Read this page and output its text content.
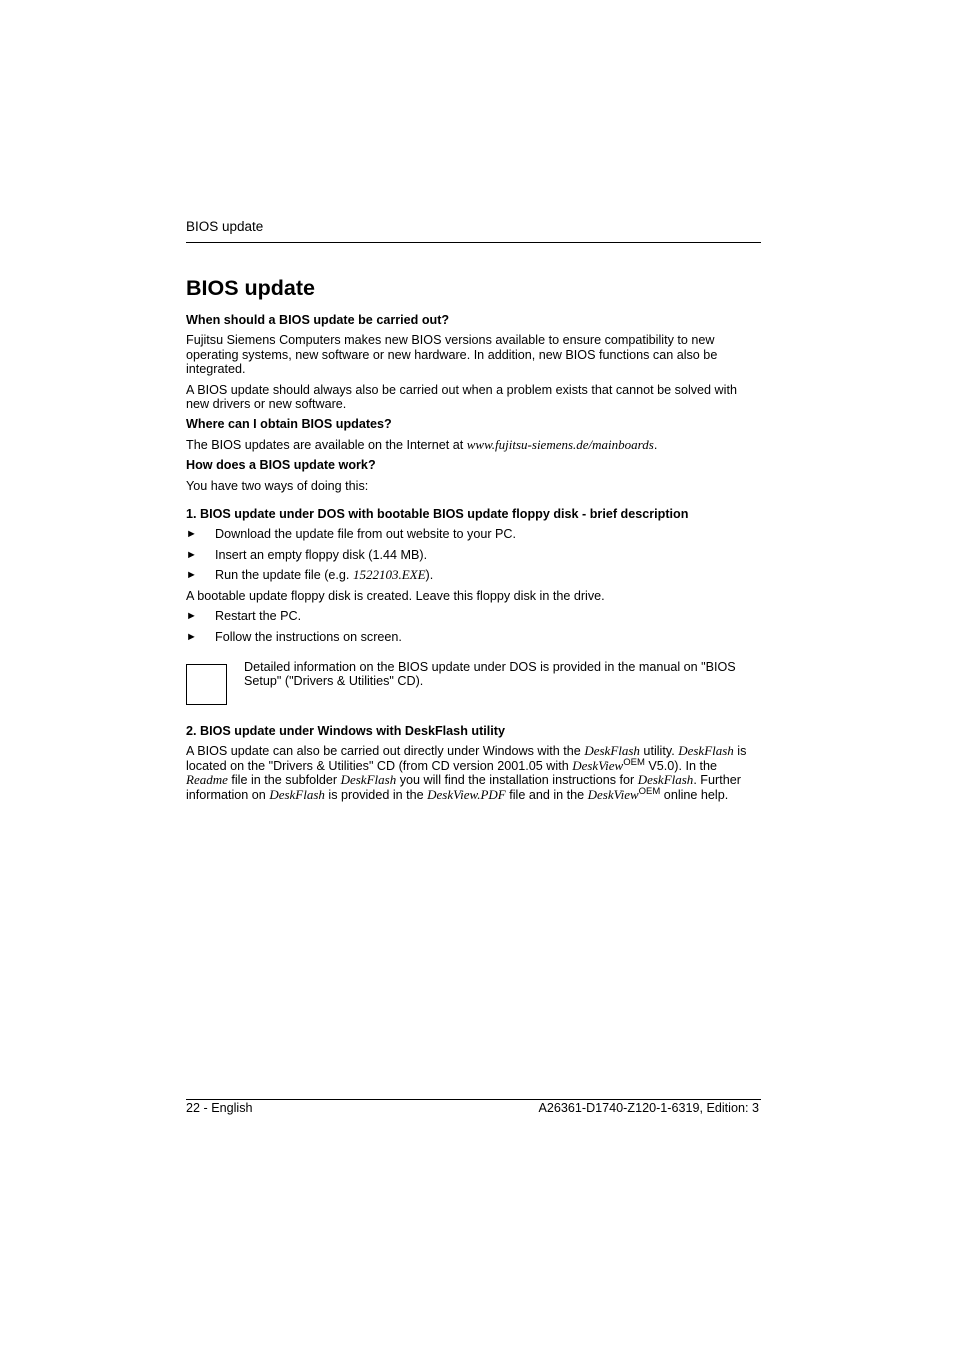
BIOS update
BIOS update
When should a BIOS update be carried out?

Fujitsu Siemens Computers makes new BIOS versions available to ensure compatibility to new operating systems, new software or new hardware. In addition, new BIOS functions can also be integrated.

A BIOS update should always also be carried out when a problem exists that cannot be solved with new drivers or new software.

Where can I obtain BIOS updates?

The BIOS updates are available on the Internet at www.fujitsu-siemens.de/mainboards.

How does a BIOS update work?

You have two ways of doing this:

1. BIOS update under DOS with bootable BIOS update floppy disk - brief description
► Download the update file from out website to your PC.
► Insert an empty floppy disk (1.44 MB).
► Run the update file (e.g. 1522103.EXE).

A bootable update floppy disk is created. Leave this floppy disk in the drive.

► Restart the PC.
► Follow the instructions on screen.

Detailed information on the BIOS update under DOS is provided in the manual on "BIOS Setup" ("Drivers & Utilities" CD).

2. BIOS update under Windows with DeskFlash utility

A BIOS update can also be carried out directly under Windows with the DeskFlash utility. DeskFlash is located on the "Drivers & Utilities" CD (from CD version 2001.05 with DeskView$^{OEM}$ V5.0). In the Readme file in the subfolder DeskFlash you will find the installation instructions for DeskFlash. Further information on DeskFlash is provided in the DeskView.PDF file and in the DeskView$^{OEM}$ online help.

22 - English	A26361-D1740-Z120-1-6319, Edition: 3
